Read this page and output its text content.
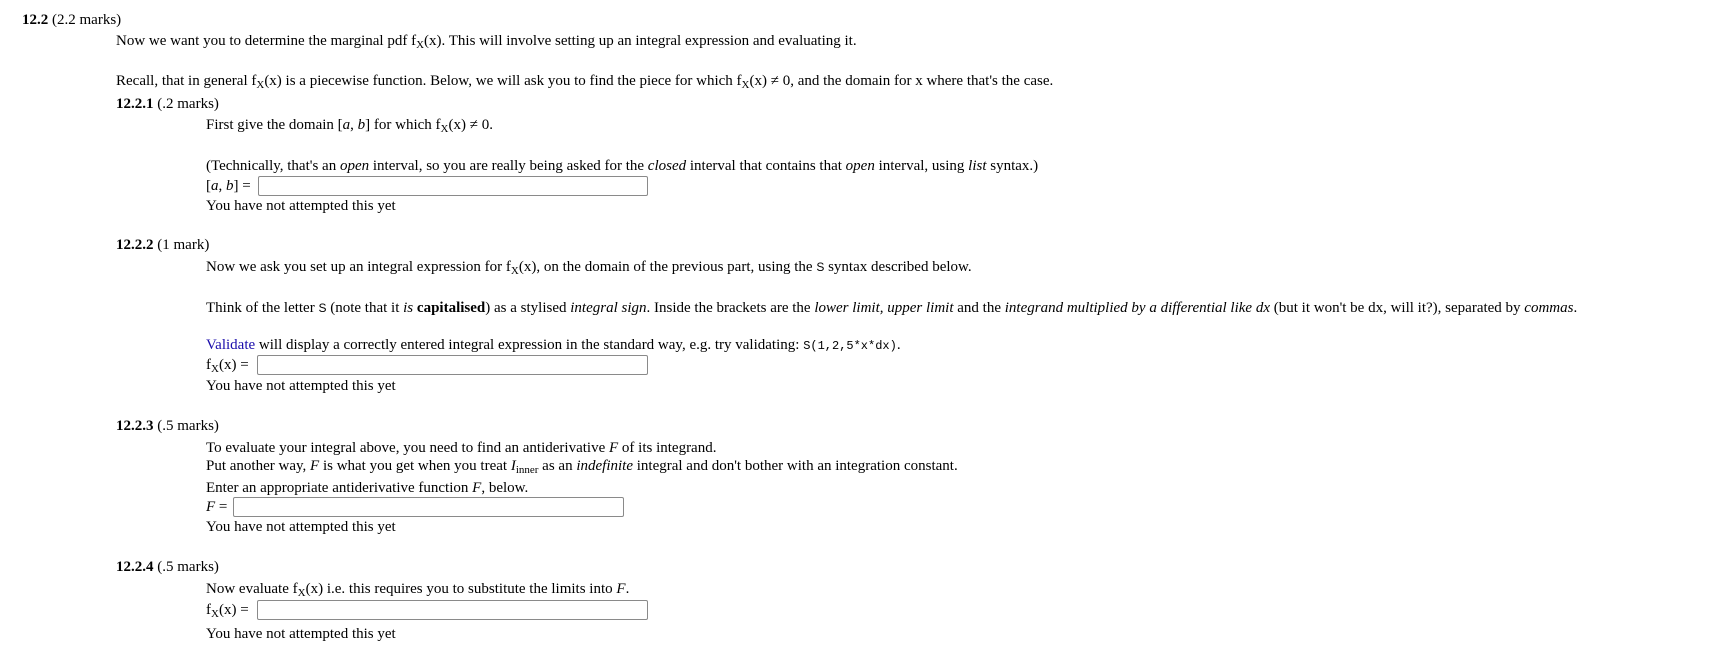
12.2 (2.2 marks)
Now we want you to determine the marginal pdf $f_X(x)$. This will involve setting up an integral expression and evaluating it.
Recall, that in general $f_X(x)$ is a piecewise function. Below, we will ask you to find the piece for which $f_X(x) \ne 0$, and the domain for x where that's the case.
12.2.1 (.2 marks)
First give the domain [a, b] for which $f_X(x) \ne 0$.
(Technically, that's an open interval, so you are really being asked for the closed interval that contains that open interval, using list syntax.)
[a, b] =
You have not attempted this yet
12.2.2 (1 mark)
Now we ask you set up an integral expression for $f_X(x)$, on the domain of the previous part, using the S syntax described below.
Think of the letter S (note that it is capitalised) as a stylised integral sign. Inside the brackets are the lower limit, upper limit and the integrand multiplied by a differential like dx (but it won't be dx, will it?), separated by commas.
Validate will display a correctly entered integral expression in the standard way, e.g. try validating: S(1,2,5*x*dx).
$f_X(x)$ =
You have not attempted this yet
12.2.3 (.5 marks)
To evaluate your integral above, you need to find an antiderivative F of its integrand.
Put another way, F is what you get when you treat $I_{inner}$ as an indefinite integral and don't bother with an integration constant.
Enter an appropriate antiderivative function F, below.
F =
You have not attempted this yet
12.2.4 (.5 marks)
Now evaluate $f_X(x)$ i.e. this requires you to substitute the limits into F.
$f_X(x)$ =
You have not attempted this yet
